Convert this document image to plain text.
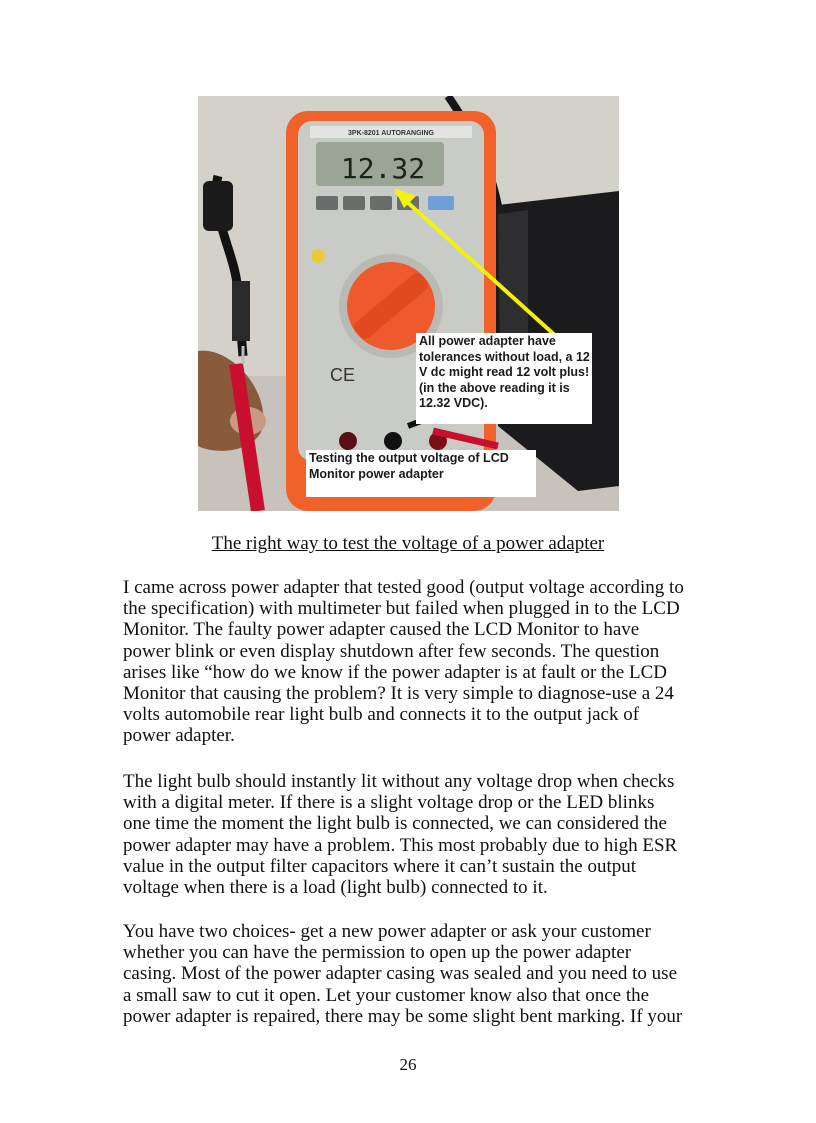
3PK-8201 AUTORANGING
12.32
CE
All power adapter have
tolerances without load, a 12
V dc might read 12 volt plus!
(in the above reading it is
12.32 VDC).
Testing the output voltage of LCD
Monitor power adapter
The right way to test the voltage of a power adapter

I came across power adapter that tested good (output voltage according to
the specification) with multimeter but failed when plugged in to the LCD
Monitor. The faulty power adapter caused the LCD Monitor to have
power blink or even display shutdown after few seconds. The question
arises like “how do we know if the power adapter is at fault or the LCD
Monitor that causing the problem? It is very simple to diagnose-use a 24
volts automobile rear light bulb and connects it to the output jack of
power adapter.

The light bulb should instantly lit without any voltage drop when checks
with a digital meter. If there is a slight voltage drop or the LED blinks
one time the moment the light bulb is connected, we can considered the
power adapter may have a problem. This most probably due to high ESR
value in the output filter capacitors where it can’t sustain the output
voltage when there is a load (light bulb) connected to it.

You have two choices- get a new power adapter or ask your customer
whether you can have the permission to open up the power adapter
casing. Most of the power adapter casing was sealed and you need to use
a small saw to cut it open. Let your customer know also that once the
power adapter is repaired, there may be some slight bent marking. If your

26
